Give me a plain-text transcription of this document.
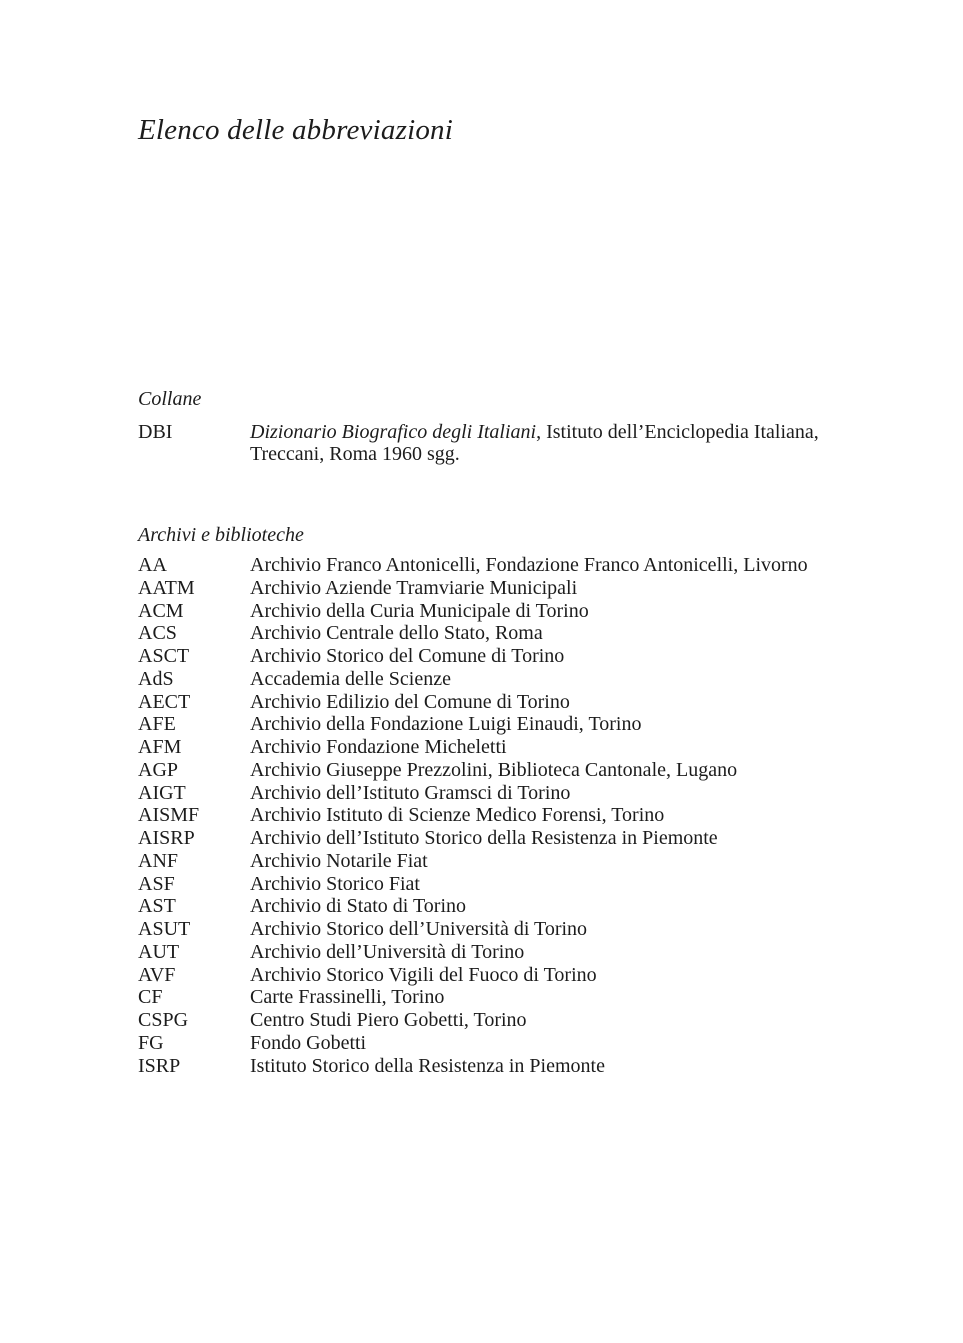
Elenco delle abbreviazioni
Collane
DBI	Dizionario Biografico degli Italiani, Istituto dell’Enciclopedia Italiana, Treccani, Roma 1960 sgg.
Archivi e biblioteche
AA	Archivio Franco Antonicelli, Fondazione Franco Antonicelli, Livorno
AATM	Archivio Aziende Tramviarie Municipali
ACM	Archivio della Curia Municipale di Torino
ACS	Archivio Centrale dello Stato, Roma
ASCT	Archivio Storico del Comune di Torino
AdS	Accademia delle Scienze
AECT	Archivio Edilizio del Comune di Torino
AFE	Archivio della Fondazione Luigi Einaudi, Torino
AFM	Archivio Fondazione Micheletti
AGP	Archivio Giuseppe Prezzolini, Biblioteca Cantonale, Lugano
AIGT	Archivio dell’Istituto Gramsci di Torino
AISMF	Archivio Istituto di Scienze Medico Forensi, Torino
AISRP	Archivio dell’Istituto Storico della Resistenza in Piemonte
ANF	Archivio Notarile Fiat
ASF	Archivio Storico Fiat
AST	Archivio di Stato di Torino
ASUT	Archivio Storico dell’Università di Torino
AUT	Archivio dell’Università di Torino
AVF	Archivio Storico Vigili del Fuoco di Torino
CF	Carte Frassinelli, Torino
CSPG	Centro Studi Piero Gobetti, Torino
FG	Fondo Gobetti
ISRP	Istituto Storico della Resistenza in Piemonte
